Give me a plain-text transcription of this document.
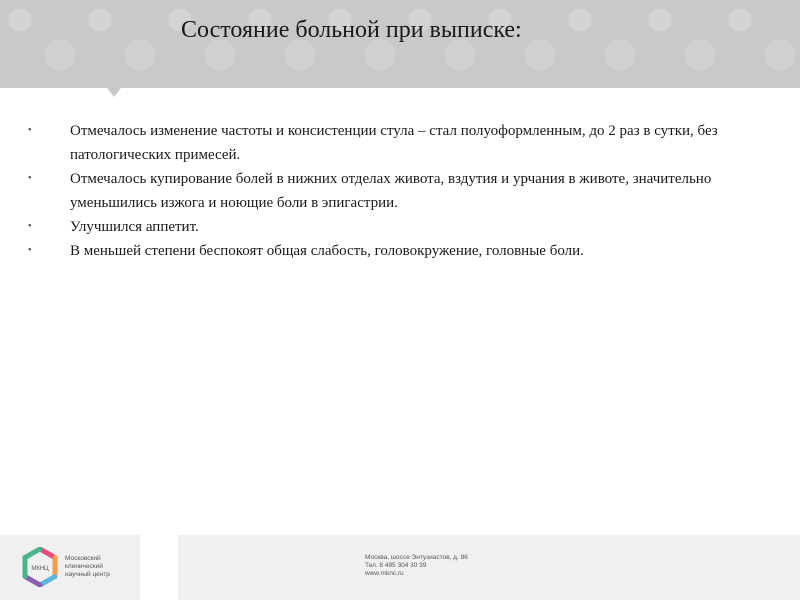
Состояние больной при выписке:
•	Отмечалось изменение частоты и консистенции стула – стал полуоформленным, до 2 раз в сутки, без патологических примесей.
•	Отмечалось купирование болей в нижних отделах живота, вздутия и урчания в животе, значительно уменьшились изжога и ноющие боли в эпигастрии.
•	Улучшился аппетит.
•	В меньшей степени беспокоят общая слабость, головокружение, головные боли.
МКНЦ
Московский
клинический
научный центр
Москва, шоссе Энтузиастов, д. 86
Тел. 8 495 304 30 39
www.mknc.ru
